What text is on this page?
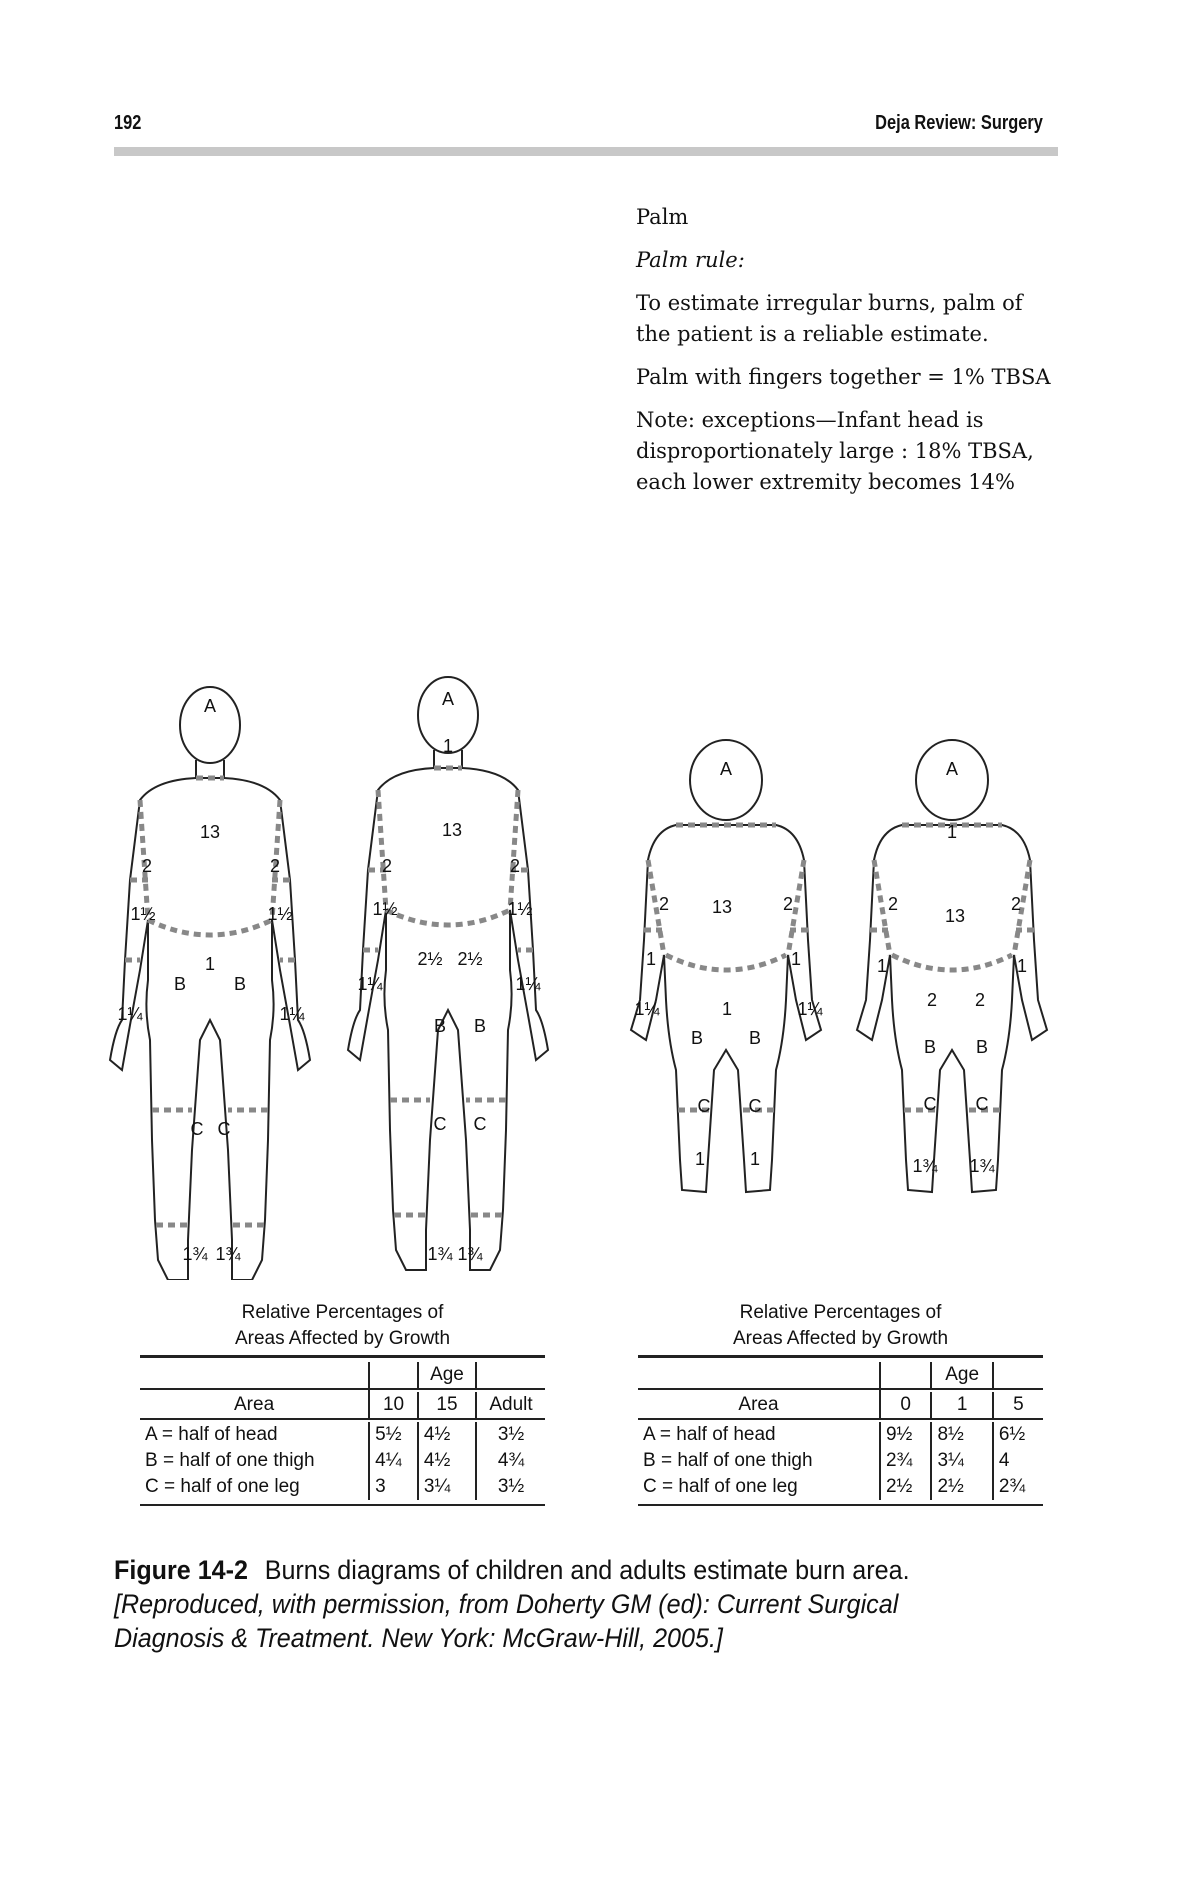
192	Deja Review: Surgery

Palm

Palm rule:

To estimate irregular burns, palm of the patient is a reliable estimate.

Palm with fingers together = 1% TBSA

Note: exceptions—Infant head is disproportionately large : 18% TBSA, each lower extremity becomes 14%

A
13
2	2
1½	1½
1
B	B
1¼	1¼
C C
1¾ 1¾
A
1
13
2	2
1½	1½
2½ 2½
1¼	1¼
B B
C C
1¾ 1¾
A
13
2	2
1	1
1¼	1¼
1
B	B
C C
1 1
A
1
13
2	2
1	1
2 2
B B
C C
1¾ 1¾
Relative Percentages of
Areas Affected by Growth

		Age	

Area	10	15	Adult

A = half of head	5½	4½	3½
B = half of one thigh	4¼	4½	4¾
C = half of one leg	3	3¼	3½

Relative Percentages of
Areas Affected by Growth

		Age	

Area	0	1	5

A = half of head	9½	8½	6½
B = half of one thigh	2¾	3¼	4
C = half of one leg	2½	2½	2¾

Figure 14-2 Burns diagrams of children and adults estimate burn area.
[Reproduced, with permission, from Doherty GM (ed): Current Surgical Diagnosis & Treatment. New York: McGraw-Hill, 2005.]
